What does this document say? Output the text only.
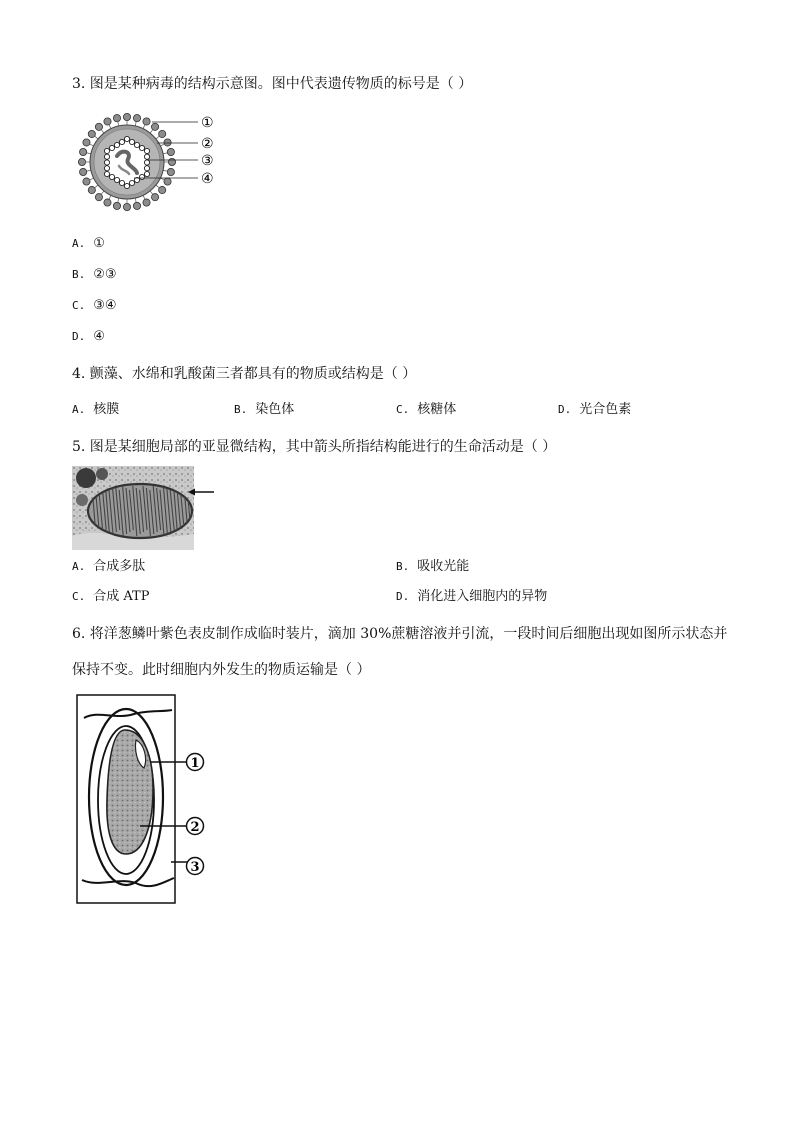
3. 图是某种病毒的结构示意图。图中代表遗传物质的标号是（ ）
①
②
③
④
A. ①
B. ②③
C. ③④
D. ④
4. 颤藻、水绵和乳酸菌三者都具有的物质或结构是（ ）
A. 核膜	B. 染色体	C. 核糖体	D. 光合色素
5. 图是某细胞局部的亚显微结构，其中箭头所指结构能进行的生命活动是（ ）
A. 合成多肽	B. 吸收光能
C. 合成 ATP	D. 消化进入细胞内的异物
6. 将洋葱鳞叶紫色表皮制作成临时装片，滴加 30%蔗糖溶液并引流，一段时间后细胞出现如图所示状态并
保持不变。此时细胞内外发生的物质运输是（ ）
1
2
3
